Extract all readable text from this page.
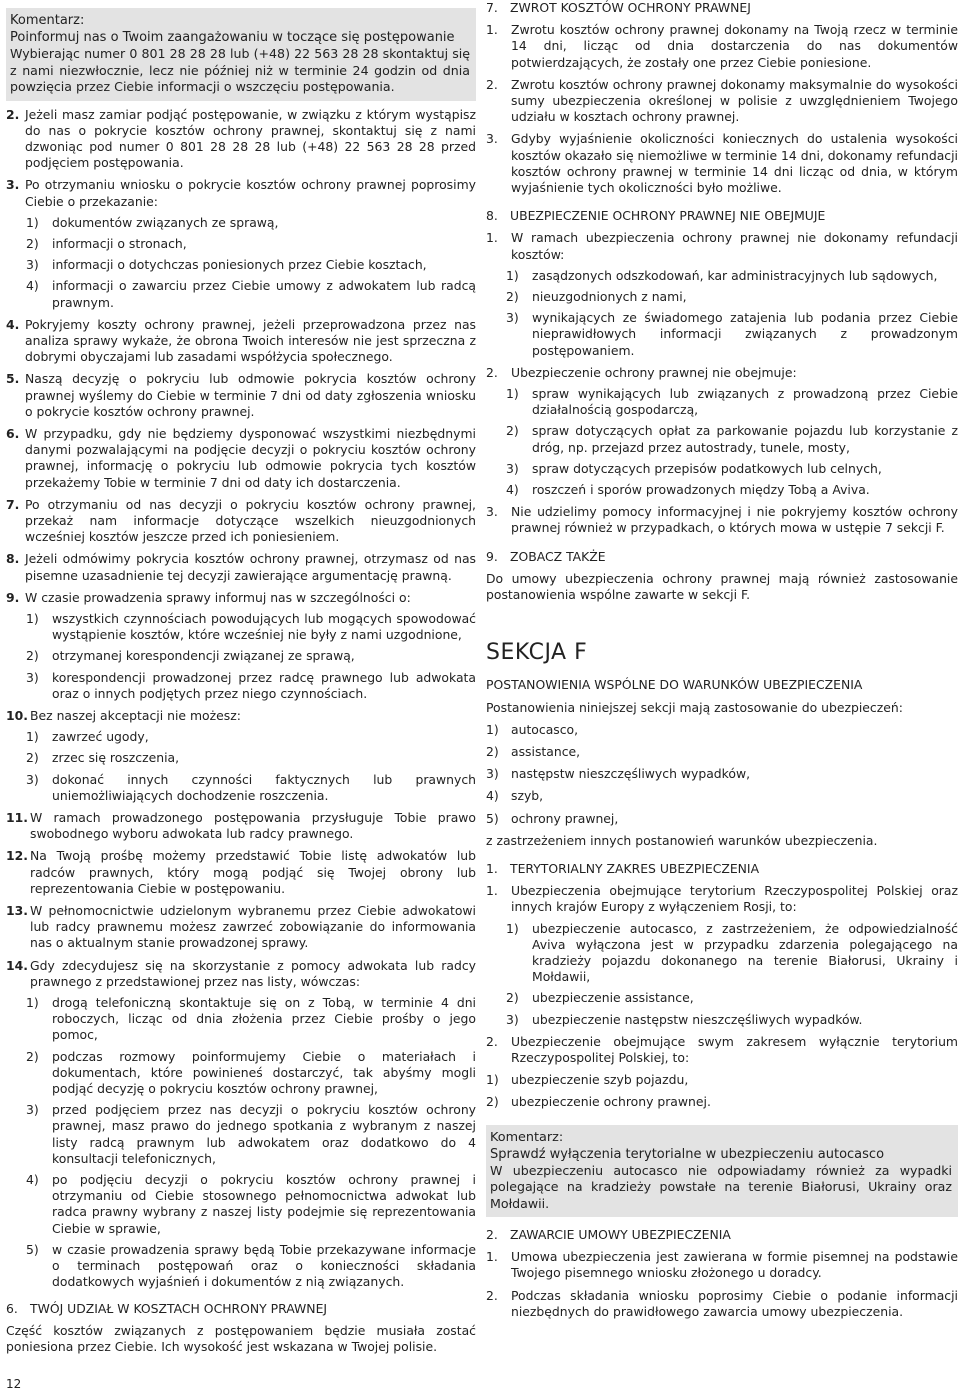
Komentarz:
Poinformuj nas o Twoim zaangażowaniu w toczące się postępowanie
Wybierając numer 0 801 28 28 28 lub (+48) 22 563 28 28 skontaktuj się z nami niezwłocznie, lecz nie później niż w terminie 24 godzin od dnia powzięcia przez Ciebie informacji o wszczęciu postępowania.
2. Jeżeli masz zamiar podjąć postępowanie, w związku z którym wystąpisz do nas o pokrycie kosztów ochrony prawnej, skontaktuj się z nami dzwoniąc pod numer 0 801 28 28 28 lub (+48) 22 563 28 28 przed podjęciem postępowania.
3. Po otrzymaniu wniosku o pokrycie kosztów ochrony prawnej poprosimy Ciebie o przekazanie:
1)	dokumentów związanych ze sprawą,
2)	informacji o stronach,
3)	informacji o dotychczas poniesionych przez Ciebie kosztach,
4)	informacji o zawarciu przez Ciebie umowy z adwokatem lub radcą prawnym.
4. Pokryjemy koszty ochrony prawnej, jeżeli przeprowadzona przez nas analiza sprawy wykaże, że obrona Twoich interesów nie jest sprzeczna z dobrymi obyczajami lub zasadami współżycia społecznego.
5. Naszą decyzję o pokryciu lub odmowie pokrycia kosztów ochrony prawnej wyślemy do Ciebie w terminie 7 dni od daty zgłoszenia wniosku o pokrycie kosztów ochrony prawnej.
6. W przypadku, gdy nie będziemy dysponować wszystkimi niezbędnymi danymi pozwalającymi na podjęcie decyzji o pokryciu kosztów ochrony prawnej, informację o pokryciu lub odmowie pokrycia tych kosztów przekażemy Tobie w terminie 7 dni od daty ich dostarczenia.
7. Po otrzymaniu od nas decyzji o pokryciu kosztów ochrony prawnej, przekaż nam informacje dotyczące wszelkich nieuzgodnionych wcześniej kosztów jeszcze przed ich poniesieniem.
8. Jeżeli odmówimy pokrycia kosztów ochrony prawnej, otrzymasz od nas pisemne uzasadnienie tej decyzji zawierające argumentację prawną.
9. W czasie prowadzenia sprawy informuj nas w szczególności o:
1)	wszystkich czynnościach powodujących lub mogących spowodować wystąpienie kosztów, które wcześniej nie były z nami uzgodnione,
2)	otrzymanej korespondencji związanej ze sprawą,
3)	korespondencji prowadzonej przez radcę prawnego lub adwokata oraz o innych podjętych przez niego czynnościach.
10. Bez naszej akceptacji nie możesz:
1)	zawrzeć ugody,
2)	zrzec się roszczenia,
3)	dokonać innych czynności faktycznych lub prawnych uniemożliwiających dochodzenie roszczenia.
11. W ramach prowadzonego postępowania przysługuje Tobie prawo swobodnego wyboru adwokata lub radcy prawnego.
12. Na Twoją prośbę możemy przedstawić Tobie listę adwokatów lub radców prawnych, który mogą podjąć się Twojej obrony lub reprezentowania Ciebie w postępowaniu.
13. W pełnomocnictwie udzielonym wybranemu przez Ciebie adwokatowi lub radcy prawnemu możesz zawrzeć zobowiązanie do informowania nas o aktualnym stanie prowadzonej sprawy.
14. Gdy zdecydujesz się na skorzystanie z pomocy adwokata lub radcy prawnego z przedstawionej przez nas listy, wówczas:
1)	drogą telefoniczną skontaktuje się on z Tobą, w terminie 4 dni roboczych, licząc od dnia złożenia przez Ciebie prośby o jego pomoc,
2)	podczas rozmowy poinformujemy Ciebie o materiałach i dokumentach, które powinieneś dostarczyć, tak abyśmy mogli podjąć decyzję o pokryciu kosztów ochrony prawnej,
3)	przed podjęciem przez nas decyzji o pokryciu kosztów ochrony prawnej, masz prawo do jednego spotkania z wybranym z naszej listy radcą prawnym lub adwokatem oraz dodatkowo do 4 konsultacji telefonicznych,
4)	po podjęciu decyzji o pokryciu kosztów ochrony prawnej i otrzymaniu od Ciebie stosownego pełnomocnictwa adwokat lub radca prawny wybrany z naszej listy podejmie się reprezentowania Ciebie w sprawie,
5)	w czasie prowadzenia sprawy będą Tobie przekazywane informacje o terminach postępowań oraz o konieczności składania dodatkowych wyjaśnień i dokumentów z nią związanych.
6. TWÓJ UDZIAŁ W KOSZTACH OCHRONY PRAWNEJ
Część kosztów związanych z postępowaniem będzie musiała zostać poniesiona przez Ciebie. Ich wysokość jest wskazana w Twojej polisie.
7. ZWROT KOSZTÓW OCHRONY PRAWNEJ
1.	Zwrotu kosztów ochrony prawnej dokonamy na Twoją rzecz w terminie 14 dni, licząc od dnia dostarczenia do nas dokumentów potwierdzających, że zostały one przez Ciebie poniesione.
2.	Zwrotu kosztów ochrony prawnej dokonamy maksymalnie do wysokości sumy ubezpieczenia określonej w polisie z uwzględnieniem Twojego udziału w kosztach ochrony prawnej.
3.	Gdyby wyjaśnienie okoliczności koniecznych do ustalenia wysokości kosztów okazało się niemożliwe w terminie 14 dni, dokonamy refundacji kosztów ochrony prawnej w terminie 14 dni licząc od dnia, w którym wyjaśnienie tych okoliczności było możliwe.
8. UBEZPIECZENIE OCHRONY PRAWNEJ NIE OBEJMUJE
1.	W ramach ubezpieczenia ochrony prawnej nie dokonamy refundacji kosztów:
1)	zasądzonych odszkodowań, kar administracyjnych lub sądowych,
2)	nieuzgodnionych z nami,
3)	wynikających ze świadomego zatajenia lub podania przez Ciebie nieprawidłowych informacji związanych z prowadzonym postępowaniem.
2.	Ubezpieczenie ochrony prawnej nie obejmuje:
1)	spraw wynikających lub związanych z prowadzoną przez Ciebie działalnością gospodarczą,
2)	spraw dotyczących opłat za parkowanie pojazdu lub korzystanie z dróg, np. przejazd przez autostrady, tunele, mosty,
3)	spraw dotyczących przepisów podatkowych lub celnych,
4)	roszczeń i sporów prowadzonych między Tobą a Aviva.
3.	Nie udzielimy pomocy informacyjnej i nie pokryjemy kosztów ochrony prawnej również w przypadkach, o których mowa w ustępie 7 sekcji F.
9. ZOBACZ TAKŻE
Do umowy ubezpieczenia ochrony prawnej mają również zastosowanie postanowienia wspólne zawarte w sekcji F.
SEKCJA F
POSTANOWIENIA WSPÓLNE DO WARUNKÓW UBEZPIECZENIA
Postanowienia niniejszej sekcji mają zastosowanie do ubezpieczeń:
1) autocasco,
2) assistance,
3) następstw nieszczęśliwych wypadków,
4) szyb,
5) ochrony prawnej,
z zastrzeżeniem innych postanowień warunków ubezpieczenia.
1. TERYTORIALNY ZAKRES UBEZPIECZENIA
1.	Ubezpieczenia obejmujące terytorium Rzeczypospolitej Polskiej oraz innych krajów Europy z wyłączeniem Rosji, to:
1)	ubezpieczenie autocasco, z zastrzeżeniem, że odpowiedzialność Aviva wyłączona jest w przypadku zdarzenia polegającego na kradzieży pojazdu dokonanego na terenie Białorusi, Ukrainy i Mołdawii,
2)	ubezpieczenie assistance,
3)	ubezpieczenie następstw nieszczęśliwych wypadków.
2.	Ubezpieczenie obejmujące swym zakresem wyłącznie terytorium Rzeczypospolitej Polskiej, to:
1) ubezpieczenie szyb pojazdu,
2) ubezpieczenie ochrony prawnej.
Komentarz:
Sprawdź wyłączenia terytorialne w ubezpieczeniu autocasco
W ubezpieczeniu autocasco nie odpowiadamy również za wypadki polegające na kradzieży powstałe na terenie Białorusi, Ukrainy oraz Mołdawii.
2. ZAWARCIE UMOWY UBEZPIECZENIA
1.	Umowa ubezpieczenia jest zawierana w formie pisemnej na podstawie Twojego pisemnego wniosku złożonego u doradcy.
2.	Podczas składania wniosku poprosimy Ciebie o podanie informacji niezbędnych do prawidłowego zawarcia umowy ubezpieczenia.
12
